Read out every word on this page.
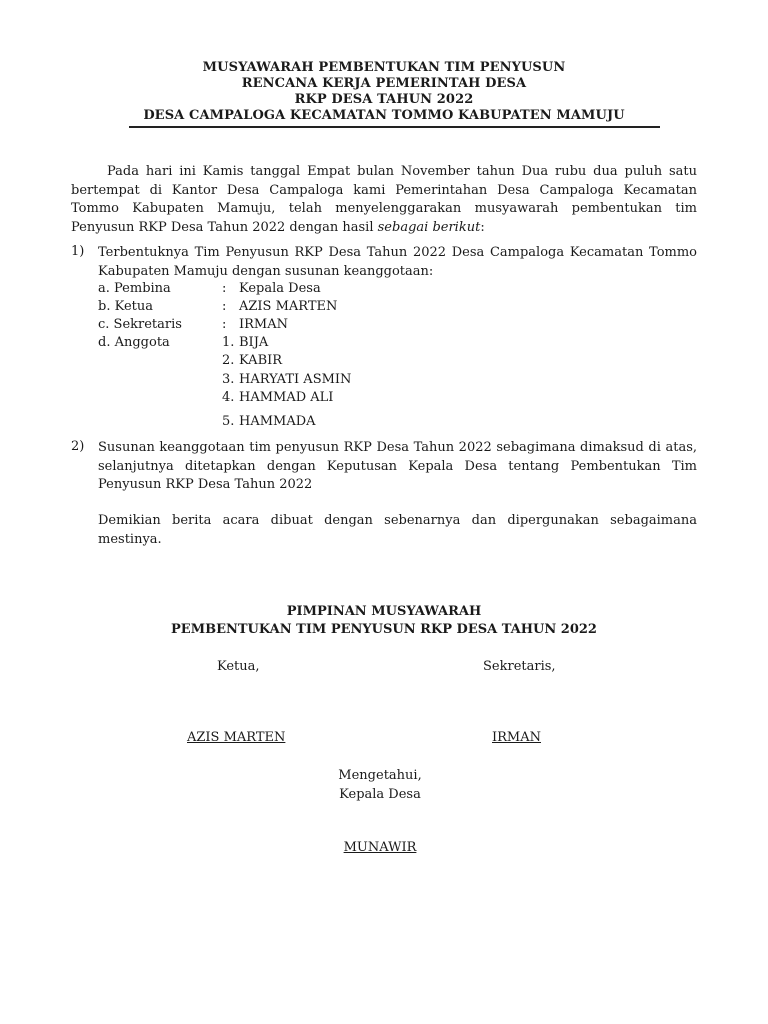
MUSYAWARAH PEMBENTUKAN TIM PENYUSUN
RENCANA KERJA PEMERINTAH DESA
RKP DESA TAHUN 2022
DESA CAMPALOGA KECAMATAN TOMMO KABUPATEN MAMUJU
Pada hari ini Kamis tanggal Empat bulan November tahun Dua rubu dua puluh satu bertempat di Kantor Desa Campaloga kami Pemerintahan Desa Campaloga Kecamatan Tommo Kabupaten Mamuju, telah menyelenggarakan musyawarah pembentukan tim Penyusun RKP Desa Tahun 2022 dengan hasil sebagai berikut:
1) Terbentuknya Tim Penyusun RKP Desa Tahun 2022 Desa Campaloga Kecamatan Tommo Kabupaten Mamuju dengan susunan keanggotaan:
a. Pembina	: Kepala Desa
b. Ketua	: AZIS MARTEN
c. Sekretaris	: IRMAN
d. Anggota	1. BIJA
2. KABIR
3. HARYATI ASMIN
4. HAMMAD ALI
5. HAMMADA
2) Susunan keanggotaan tim penyusun RKP Desa Tahun 2022 sebagimana dimaksud di atas, selanjutnya ditetapkan dengan Keputusan Kepala Desa tentang Pembentukan Tim Penyusun RKP Desa Tahun 2022
Demikian berita acara dibuat dengan sebenarnya dan dipergunakan sebagaimana mestinya.
PIMPINAN MUSYAWARAH
PEMBENTUKAN TIM PENYUSUN RKP DESA TAHUN 2022
Ketua,	Sekretaris,
AZIS MARTEN	IRMAN
Mengetahui,
Kepala Desa
MUNAWIR
